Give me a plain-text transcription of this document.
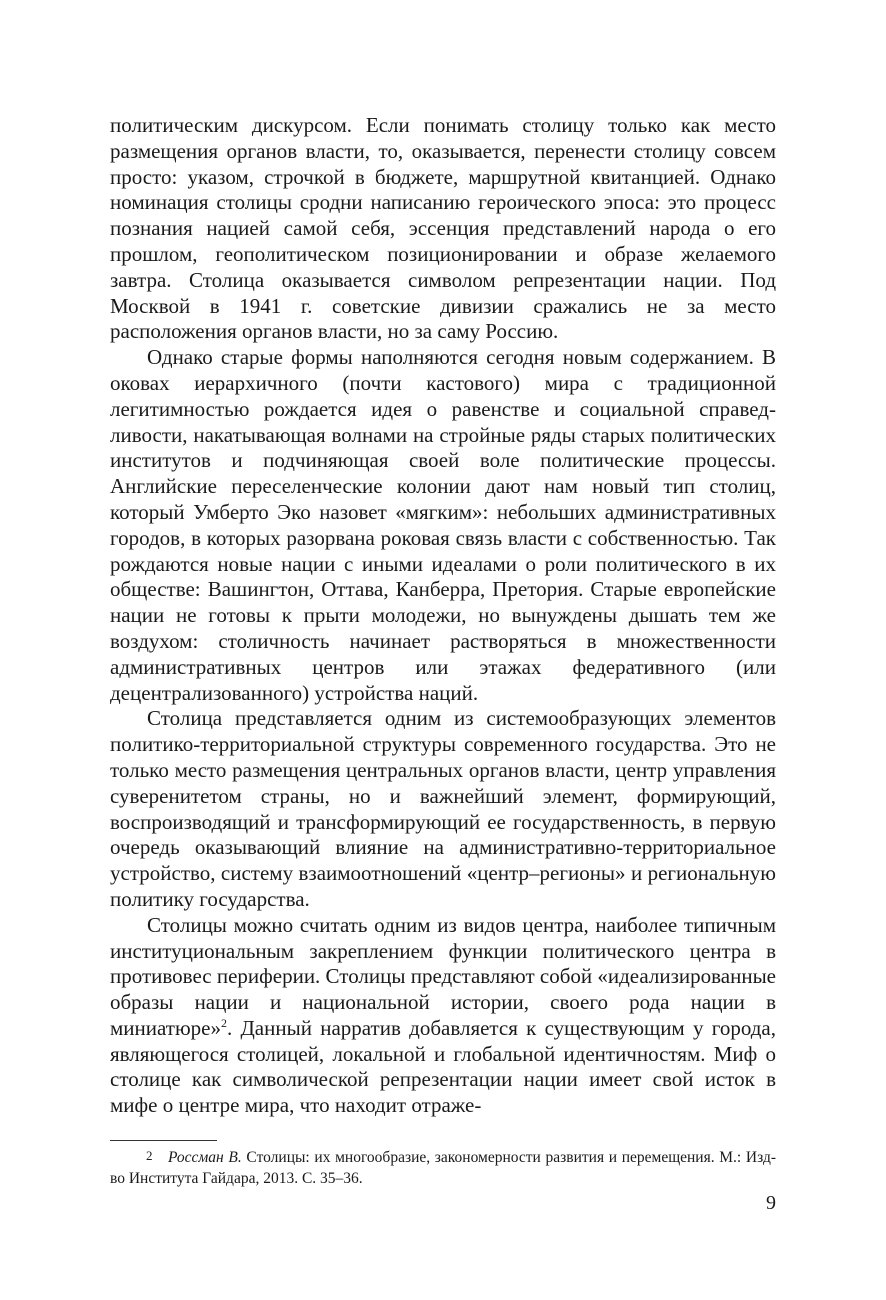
политическим дискурсом. Если понимать столицу только как место размещения органов власти, то, оказывается, перенести столицу совсем просто: указом, строчкой в бюджете, маршрутной квитанцией. Однако номинация столицы сродни написанию героического эпоса: это процесс познания нацией самой себя, эссенция представлений народа о его прошлом, геополитическом позиционировании и образе желаемого завтра. Столица оказывается символом репрезентации нации. Под Москвой в 1941 г. советские дивизии сражались не за место расположения органов власти, но за саму Россию.

Однако старые формы наполняются сегодня новым содержанием. В оковах иерархичного (почти кастового) мира с традиционной легитимностью рождается идея о равенстве и социальной справедливости, накатывающая волнами на стройные ряды старых политических институтов и подчиняющая своей воле политические процессы. Английские переселенческие колонии дают нам новый тип столиц, который Умберто Эко назовет «мягким»: небольших административных городов, в которых разорвана роковая связь власти с собственностью. Так рождаются новые нации с иными идеалами о роли политического в их обществе: Вашингтон, Оттава, Канберра, Претория. Старые европейские нации не готовы к прыти молодежи, но вынуждены дышать тем же воздухом: столичность начинает растворяться в множественности административных центров или этажах федеративного (или децентрализованного) устройства наций.

Столица представляется одним из системообразующих элементов политико-территориальной структуры современного государства. Это не только место размещения центральных органов власти, центр управления суверенитетом страны, но и важнейший элемент, формирующий, воспроизводящий и трансформирующий ее государственность, в первую очередь оказывающий влияние на административно-территориальное устройство, систему взаимоотношений «центр–регионы» и региональную политику государства.

Столицы можно считать одним из видов центра, наиболее типичным институциональным закреплением функции политического центра в противовес периферии. Столицы представляют собой «идеализированные образы нации и национальной истории, своего рода нации в миниатюре»$^2$. Данный нарратив добавляется к существующим у города, являющегося столицей, локальной и глобальной идентичностям. Миф о столице как символической репрезентации нации имеет свой исток в мифе о центре мира, что находит отраже-

2 Россман В. Столицы: их многообразие, закономерности развития и перемещения. М.: Изд-во Института Гайдара, 2013. С. 35–36.
9
